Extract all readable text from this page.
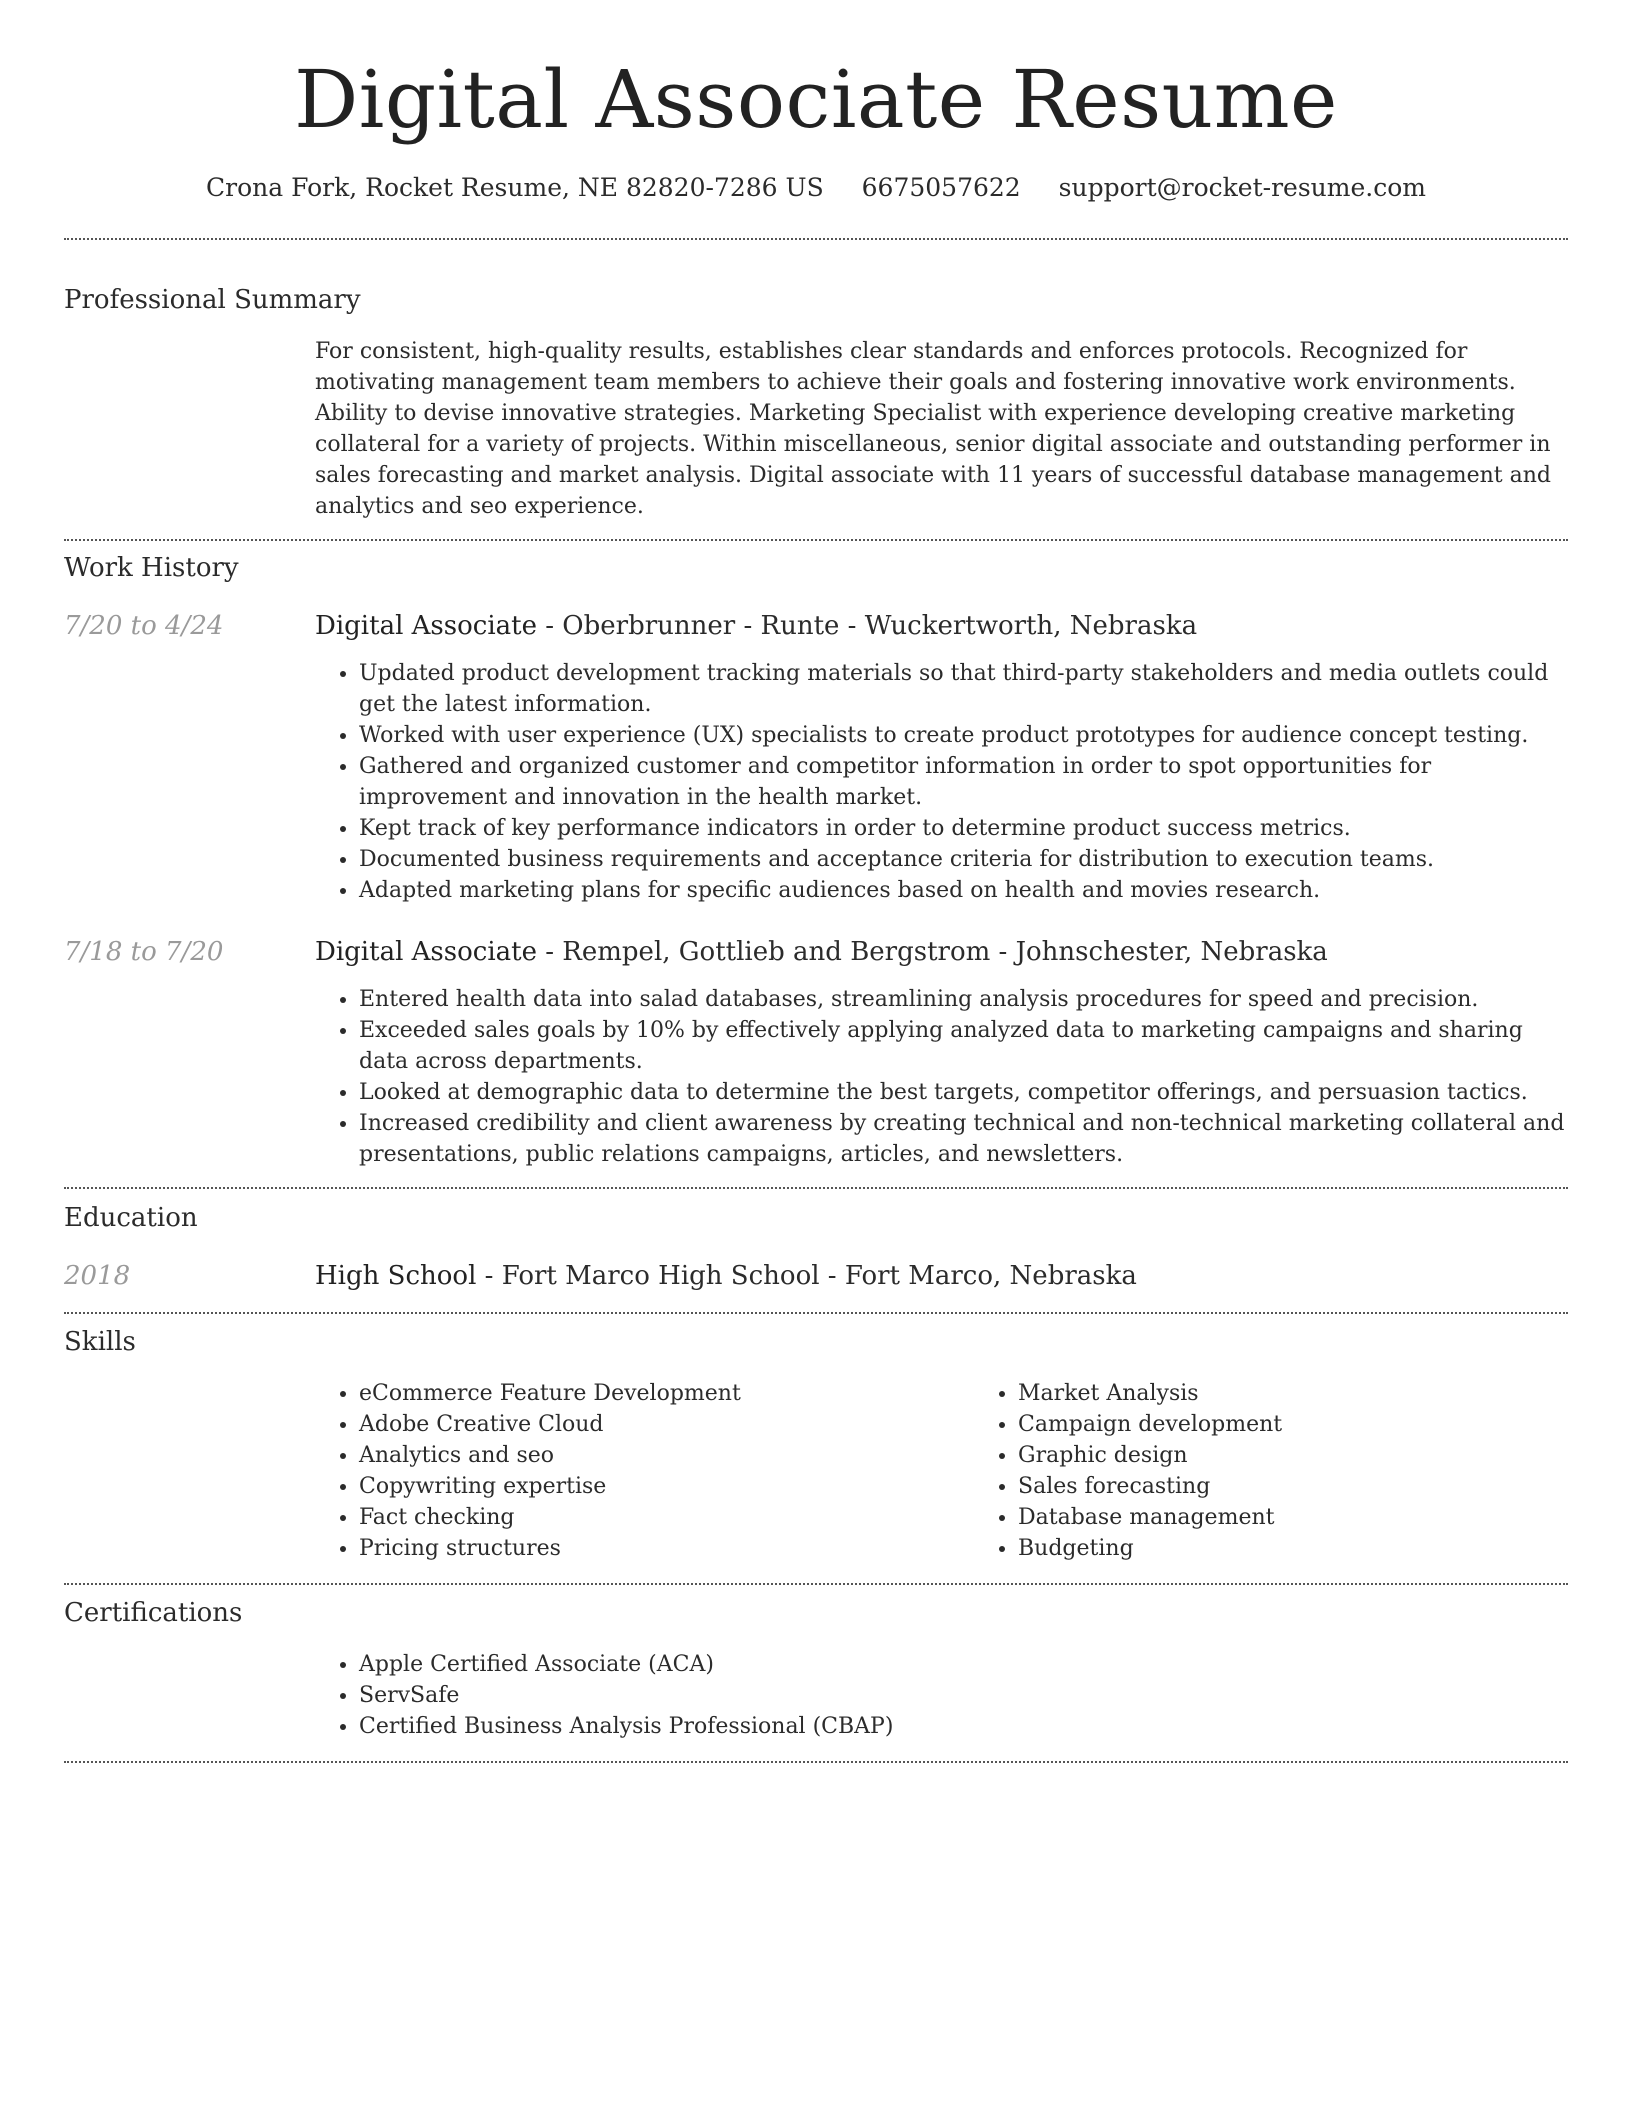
Digital Associate Resume
Crona Fork, Rocket Resume, NE 82820-7286 US 6675057622 support@rocket-resume.com
Professional Summary

For consistent, high-quality results, establishes clear standards and enforces protocols. Recognized for motivating management team members to achieve their goals and fostering innovative work environments. Ability to devise innovative strategies. Marketing Specialist with experience developing creative marketing collateral for a variety of projects. Within miscellaneous, senior digital associate and outstanding performer in sales forecasting and market analysis. Digital associate with 11 years of successful database management and analytics and seo experience.

Work History
7/20 to 4/24	Digital Associate - Oberbrunner - Runte - Wuckertworth, Nebraska
• Updated product development tracking materials so that third-party stakeholders and media outlets could get the latest information.
• Worked with user experience (UX) specialists to create product prototypes for audience concept testing.
• Gathered and organized customer and competitor information in order to spot opportunities for improvement and innovation in the health market.
• Kept track of key performance indicators in order to determine product success metrics.
• Documented business requirements and acceptance criteria for distribution to execution teams.
• Adapted marketing plans for specific audiences based on health and movies research.
7/18 to 7/20	Digital Associate - Rempel, Gottlieb and Bergstrom - Johnschester, Nebraska
• Entered health data into salad databases, streamlining analysis procedures for speed and precision.
• Exceeded sales goals by 10% by effectively applying analyzed data to marketing campaigns and sharing data across departments.
• Looked at demographic data to determine the best targets, competitor offerings, and persuasion tactics.
• Increased credibility and client awareness by creating technical and non-technical marketing collateral and presentations, public relations campaigns, articles, and newsletters.
Education
2018	High School - Fort Marco High School - Fort Marco, Nebraska
Skills
• eCommerce Feature Development
• Adobe Creative Cloud
• Analytics and seo
• Copywriting expertise
• Fact checking
• Pricing structures
• Market Analysis
• Campaign development
• Graphic design
• Sales forecasting
• Database management
• Budgeting
Certifications
• Apple Certified Associate (ACA)
• ServSafe
• Certified Business Analysis Professional (CBAP)
